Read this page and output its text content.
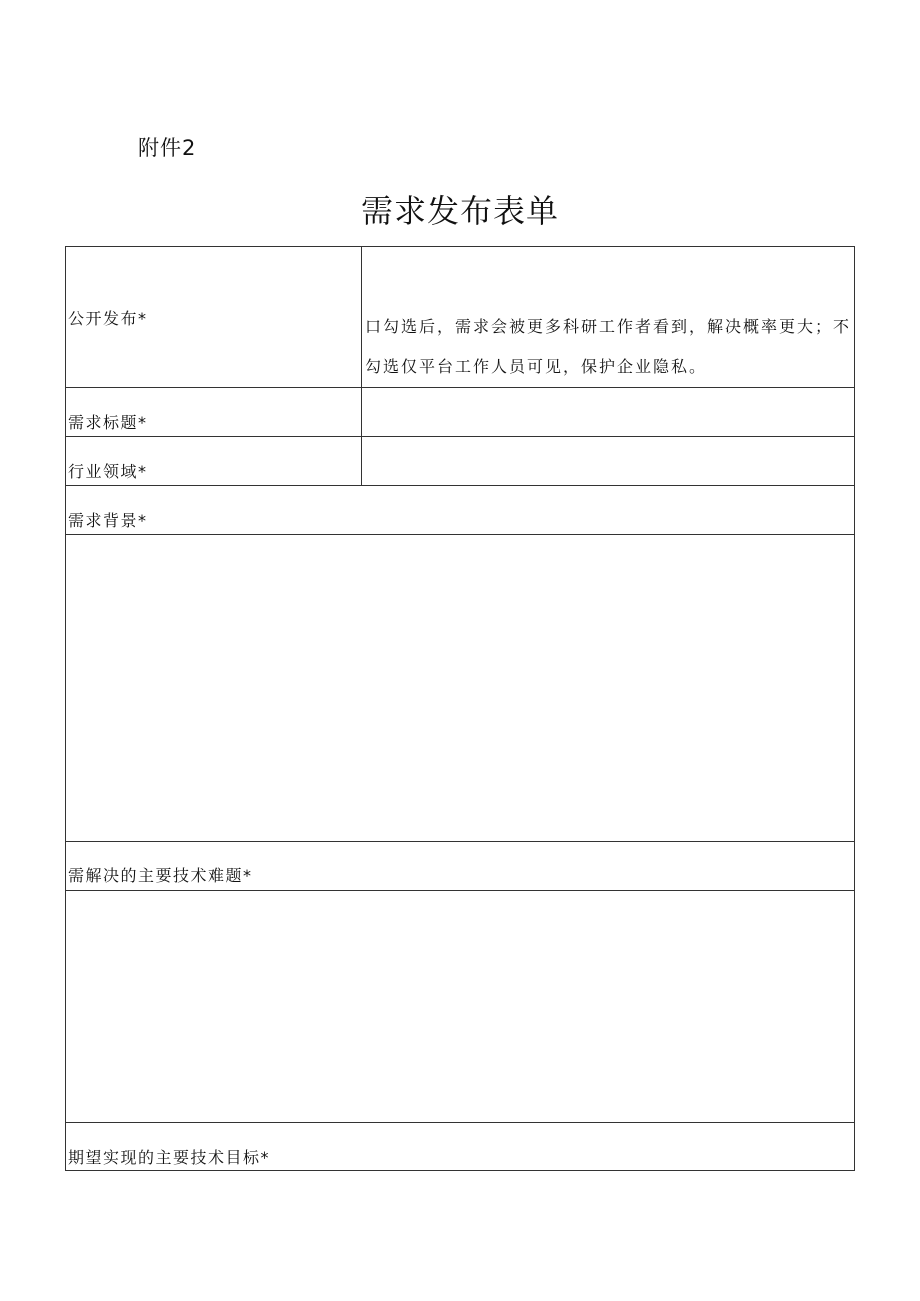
附件2
需求发布表单
公开发布*	口勾选后，需求会被更多科研工作者看到，解决概率更大；不勾选仅平台工作人员可见，保护企业隐私。
需求标题*
行业领域*
需求背景*
需解决的主要技术难题*
期望实现的主要技术目标*
